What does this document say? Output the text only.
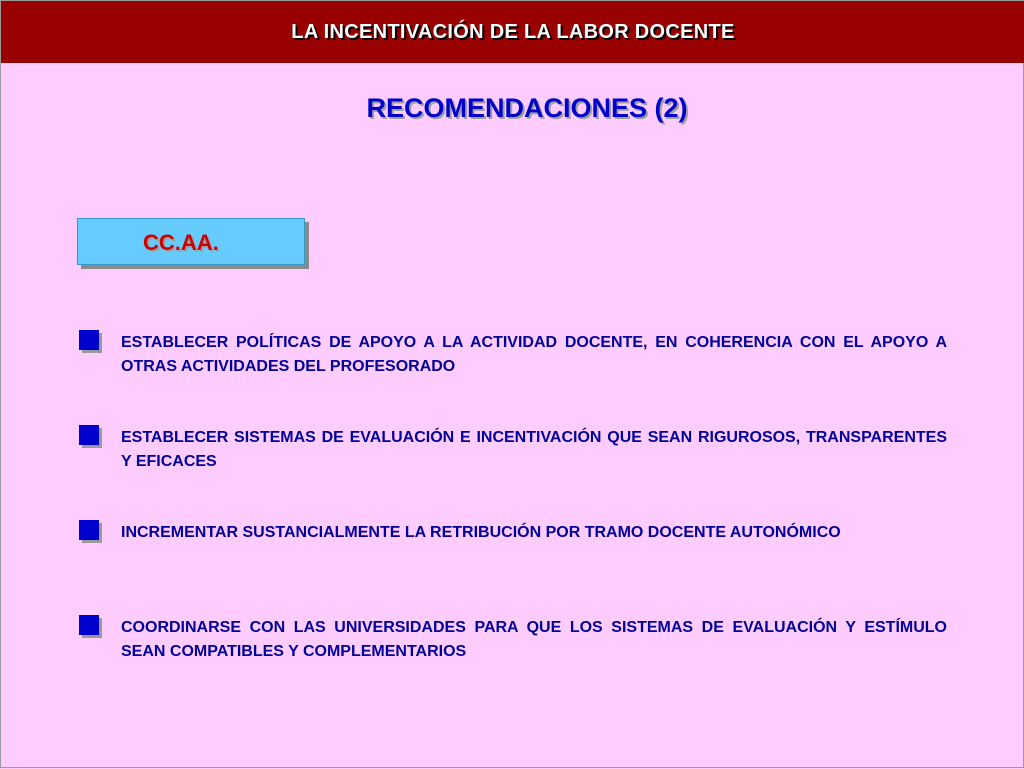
LA INCENTIVACIÓN DE LA LABOR DOCENTE
RECOMENDACIONES (2)
CC.AA.
ESTABLECER POLÍTICAS DE APOYO A LA ACTIVIDAD DOCENTE, EN COHERENCIA CON EL APOYO A OTRAS ACTIVIDADES DEL PROFESORADO
ESTABLECER SISTEMAS DE EVALUACIÓN E INCENTIVACIÓN QUE SEAN RIGUROSOS, TRANSPARENTES Y EFICACES
INCREMENTAR SUSTANCIALMENTE LA RETRIBUCIÓN POR TRAMO DOCENTE AUTONÓMICO
COORDINARSE CON LAS UNIVERSIDADES PARA QUE LOS SISTEMAS DE EVALUACIÓN Y ESTÍMULO SEAN COMPATIBLES Y COMPLEMENTARIOS
